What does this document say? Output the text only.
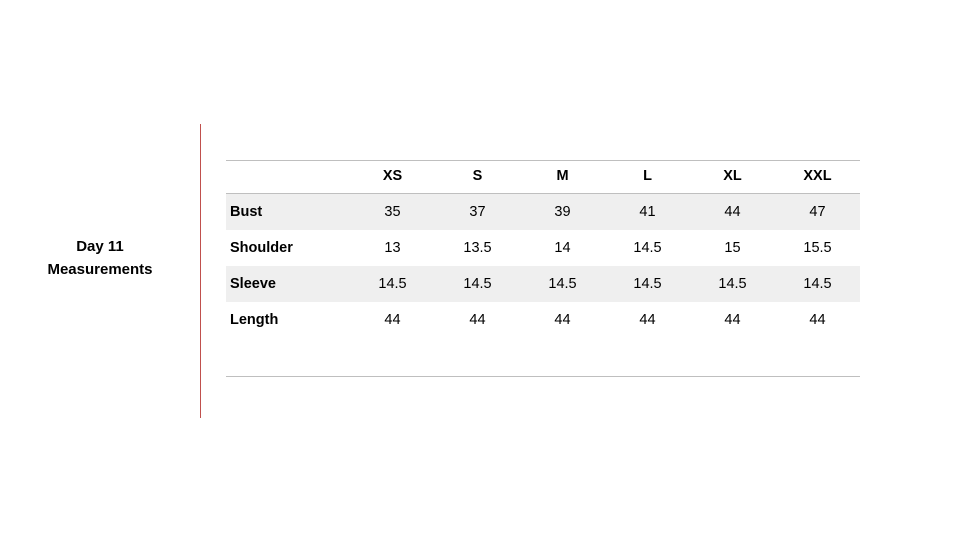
Day 11
Measurements
	XS	S	M	L	XL	XXL
Bust	35	37	39	41	44	47
Shoulder	13	13.5	14	14.5	15	15.5
Sleeve	14.5	14.5	14.5	14.5	14.5	14.5
Length	44	44	44	44	44	44
